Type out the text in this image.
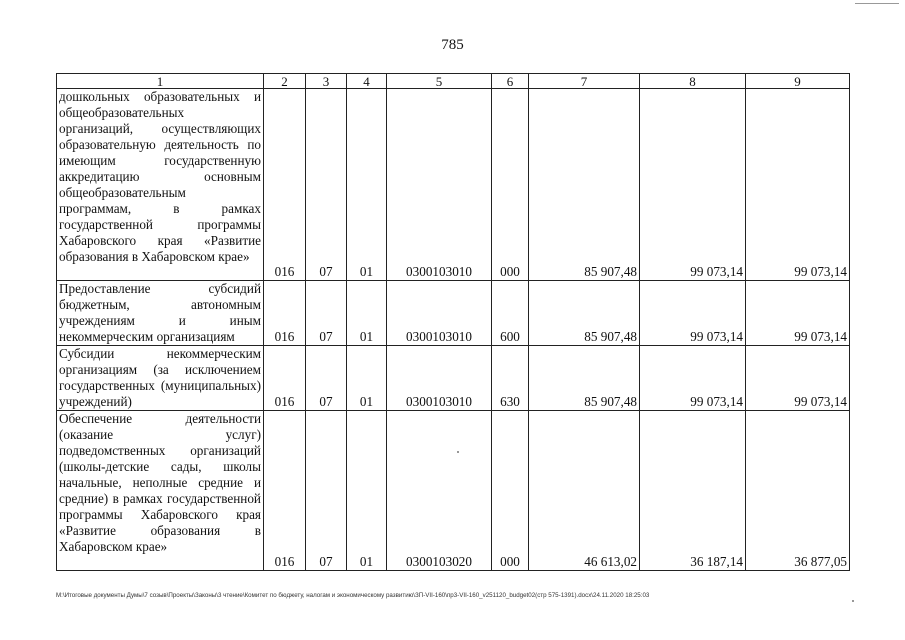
785
1	2	3	4	5	6	7	8	9
дошкольных образовательных и общеобразовательных организаций, осуществляющих образовательную деятельность по имеющим государственную аккредитацию основным общеобразовательным программам, в рамках государственной программы Хабаровского края «Развитие образования в Хабаровском крае»	016	07	01	0300103010	000	85 907,48	99 073,14	99 073,14
Предоставление субсидий бюджетным, автономным учреждениям и иным некоммерческим организациям	016	07	01	0300103010	600	85 907,48	99 073,14	99 073,14
Субсидии некоммерческим организациям (за исключением государственных (муниципальных) учреждений)	016	07	01	0300103010	630	85 907,48	99 073,14	99 073,14
Обеспечение деятельности (оказание услуг) подведомственных организаций (школы-детские сады, школы начальные, неполные средние и средние) в рамках государственной программы Хабаровского края «Развитие образования в Хабаровском крае»	016	07	01	0300103020	000	46 613,02	36 187,14	36 877,05
М:\Итоговые документы Думы\7 созыв\Проекты\Законы\3 чтение\Комитет по бюджету, налогам и экономическому развитию\ЗП-VII-160\пр3-VII-160_v251120_budget02(стр 575-1391).docx\24.11.2020 18:25:03
